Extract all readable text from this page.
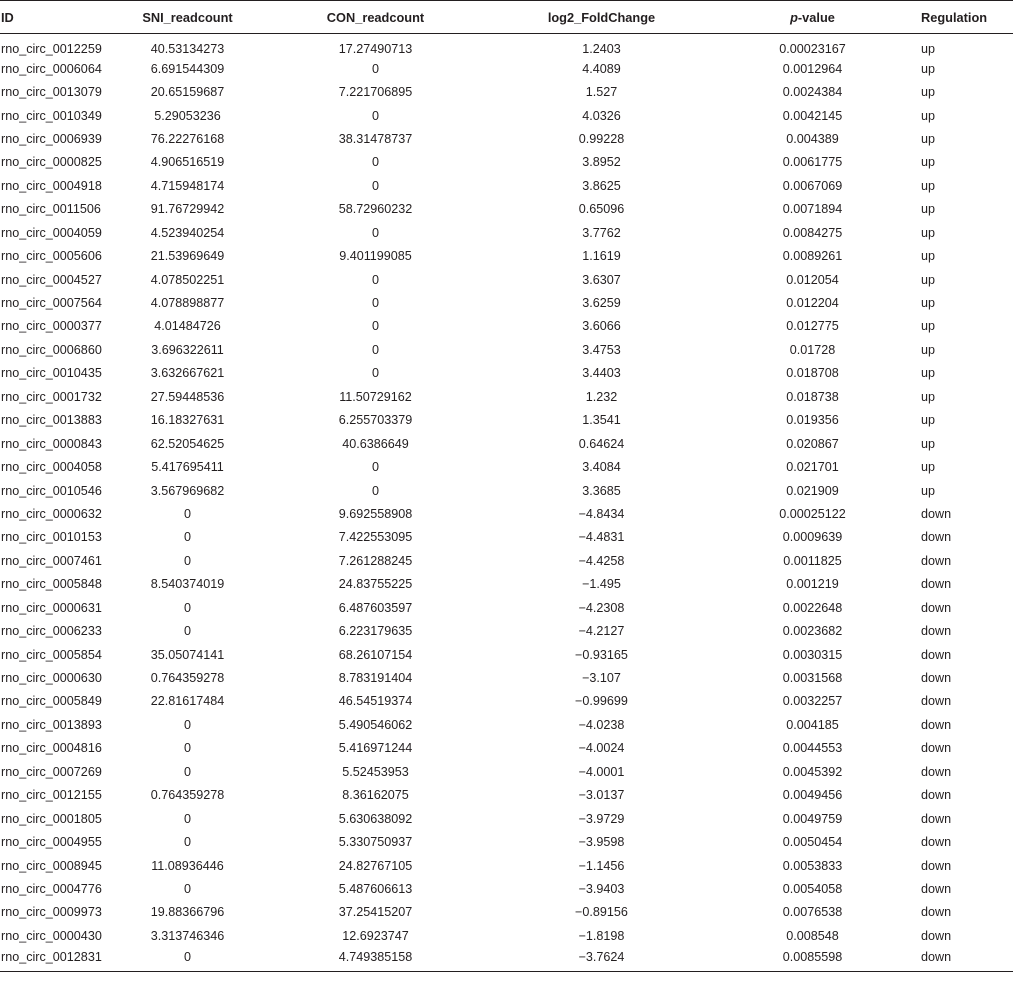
ID	SNI_readcount	CON_readcount	log2_FoldChange	p-value	Regulation
rno_circ_0012259	40.53134273	17.27490713	1.2403	0.00023167	up
rno_circ_0006064	6.691544309	0	4.4089	0.0012964	up
rno_circ_0013079	20.65159687	7.221706895	1.527	0.0024384	up
rno_circ_0010349	5.29053236	0	4.0326	0.0042145	up
rno_circ_0006939	76.22276168	38.31478737	0.99228	0.004389	up
rno_circ_0000825	4.906516519	0	3.8952	0.0061775	up
rno_circ_0004918	4.715948174	0	3.8625	0.0067069	up
rno_circ_0011506	91.76729942	58.72960232	0.65096	0.0071894	up
rno_circ_0004059	4.523940254	0	3.7762	0.0084275	up
rno_circ_0005606	21.53969649	9.401199085	1.1619	0.0089261	up
rno_circ_0004527	4.078502251	0	3.6307	0.012054	up
rno_circ_0007564	4.078898877	0	3.6259	0.012204	up
rno_circ_0000377	4.01484726	0	3.6066	0.012775	up
rno_circ_0006860	3.696322611	0	3.4753	0.01728	up
rno_circ_0010435	3.632667621	0	3.4403	0.018708	up
rno_circ_0001732	27.59448536	11.50729162	1.232	0.018738	up
rno_circ_0013883	16.18327631	6.255703379	1.3541	0.019356	up
rno_circ_0000843	62.52054625	40.6386649	0.64624	0.020867	up
rno_circ_0004058	5.417695411	0	3.4084	0.021701	up
rno_circ_0010546	3.567969682	0	3.3685	0.021909	up
rno_circ_0000632	0	9.692558908	−4.8434	0.00025122	down
rno_circ_0010153	0	7.422553095	−4.4831	0.0009639	down
rno_circ_0007461	0	7.261288245	−4.4258	0.0011825	down
rno_circ_0005848	8.540374019	24.83755225	−1.495	0.001219	down
rno_circ_0000631	0	6.487603597	−4.2308	0.0022648	down
rno_circ_0006233	0	6.223179635	−4.2127	0.0023682	down
rno_circ_0005854	35.05074141	68.26107154	−0.93165	0.0030315	down
rno_circ_0000630	0.764359278	8.783191404	−3.107	0.0031568	down
rno_circ_0005849	22.81617484	46.54519374	−0.99699	0.0032257	down
rno_circ_0013893	0	5.490546062	−4.0238	0.004185	down
rno_circ_0004816	0	5.416971244	−4.0024	0.0044553	down
rno_circ_0007269	0	5.52453953	−4.0001	0.0045392	down
rno_circ_0012155	0.764359278	8.36162075	−3.0137	0.0049456	down
rno_circ_0001805	0	5.630638092	−3.9729	0.0049759	down
rno_circ_0004955	0	5.330750937	−3.9598	0.0050454	down
rno_circ_0008945	11.08936446	24.82767105	−1.1456	0.0053833	down
rno_circ_0004776	0	5.487606613	−3.9403	0.0054058	down
rno_circ_0009973	19.88366796	37.25415207	−0.89156	0.0076538	down
rno_circ_0000430	3.313746346	12.6923747	−1.8198	0.008548	down
rno_circ_0012831	0	4.749385158	−3.7624	0.0085598	down
